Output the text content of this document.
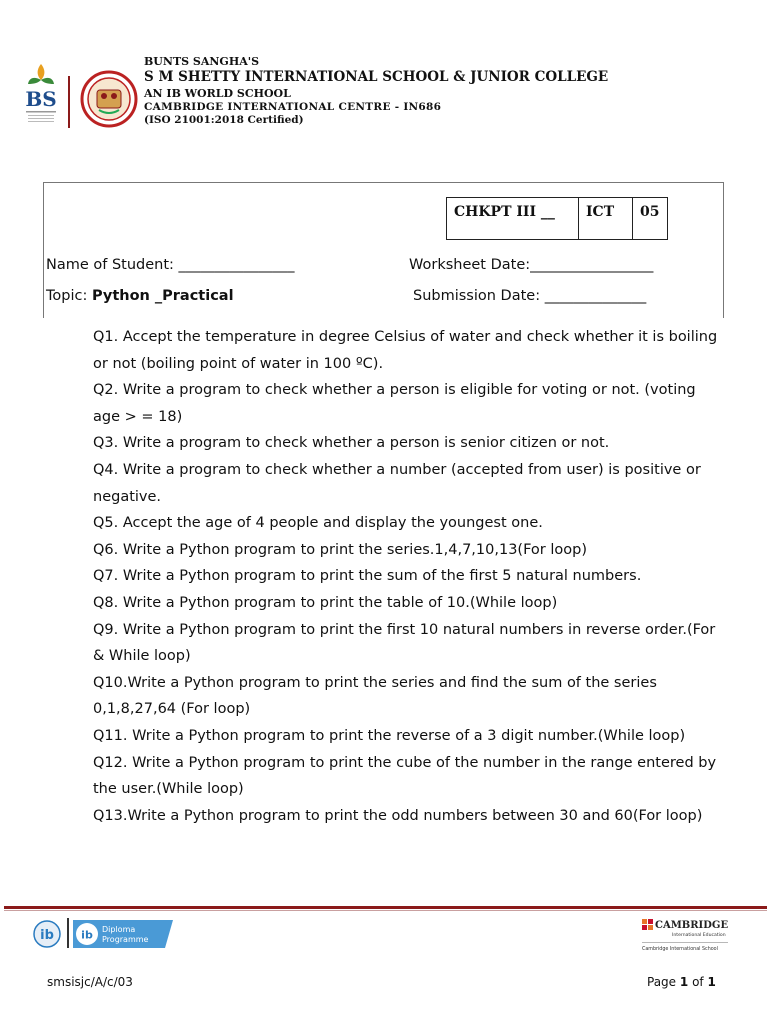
BS
BUNTS SANGHA'S
S M SHETTY INTERNATIONAL SCHOOL & JUNIOR COLLEGE
AN IB WORLD SCHOOL
CAMBRIDGE INTERNATIONAL CENTRE - IN686
(ISO 21001:2018 Certified)
CHKPT III __	ICT	05
Name of Student: ________________	Worksheet Date:_________________
Topic: Python _Practical	Submission Date: ______________

Q1. Accept the temperature in degree Celsius of water and check whether it is boiling or not (boiling point of water in 100 ºC).

Q2. Write a program to check whether a person is eligible for voting or not. (voting age > = 18)

Q3. Write a program to check whether a person is senior citizen or not.

Q4. Write a program to check whether a number (accepted from user) is positive or negative.

Q5. Accept the age of 4 people and display the youngest one.

Q6. Write a Python program to print the series.1,4,7,10,13(For loop)

Q7. Write a Python program to print the sum of the first 5 natural numbers.

Q8. Write a Python program to print the table of 10.(While loop)

Q9. Write a Python program to print the first 10 natural numbers in reverse order.(For & While loop)

Q10.Write a Python program to print the series and find the sum of the series 0,1,8,27,64 (For loop)

Q11. Write a Python program to print the reverse of a 3 digit number.(While loop)

Q12. Write a Python program to print the cube of the number in the range entered by the user.(While loop)

Q13.Write a Python program to print the odd numbers between 30 and 60(For loop)

ib ib Diploma
Programme
CAMBRIDGE
International Education
Cambridge International School
smsisjc/A/c/03	Page 1 of 1
